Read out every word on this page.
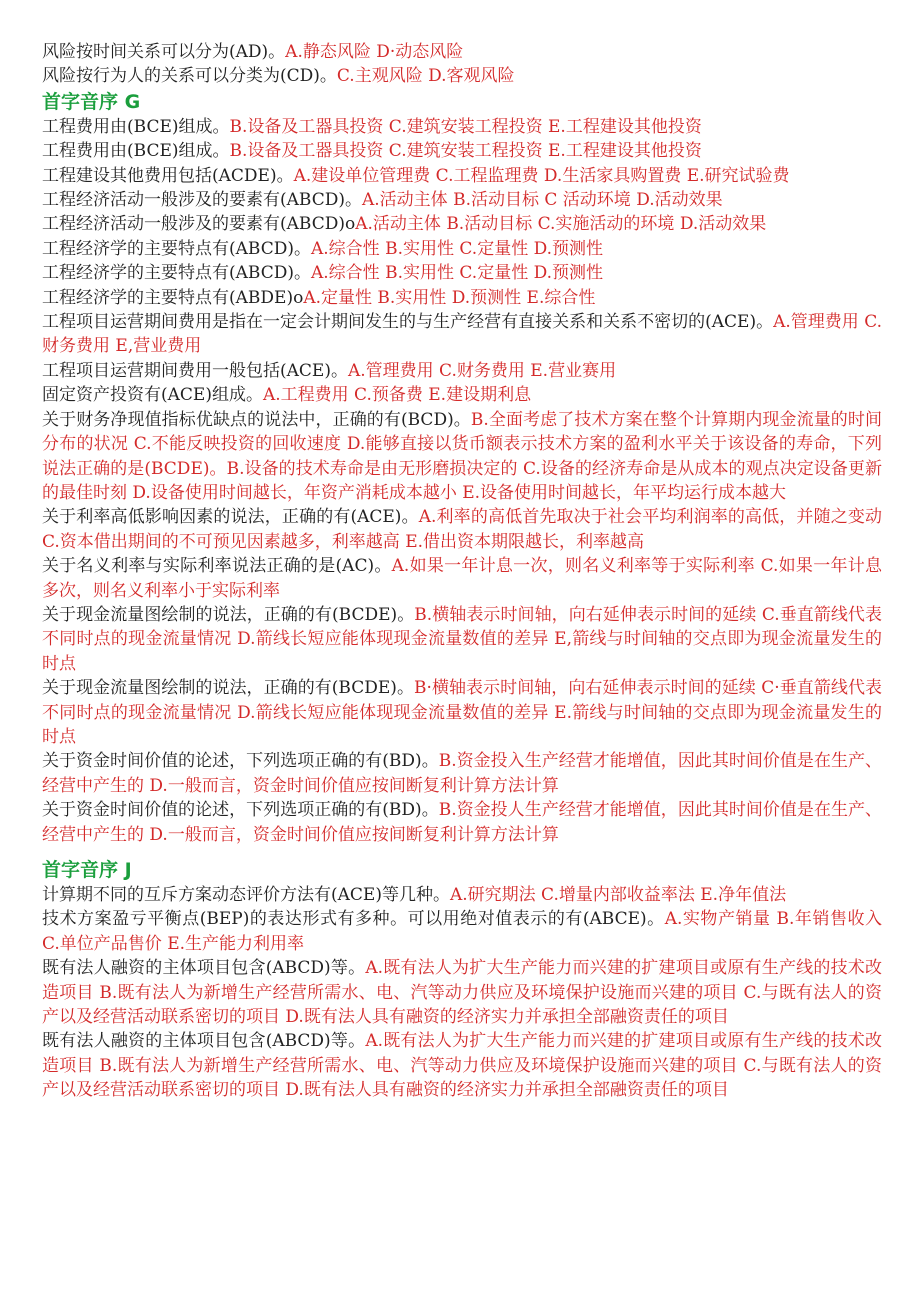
风险按时间关系可以分为(AD)。A.静态风险 D·动态风险

风险按行为人的关系可以分类为(CD)。C.主观风险 D.客观风险

首字音序 G

工程费用由(BCE)组成。B.设备及工器具投资 C.建筑安装工程投资 E.工程建设其他投资

工程费用由(BCE)组成。B.设备及工器具投资 C.建筑安装工程投资 E.工程建设其他投资

工程建设其他费用包括(ACDE)。A.建设单位管理费 C.工程监理费 D.生活家具购置费 E.研究试验费

工程经济活动一般涉及的要素有(ABCD)。A.活动主体 B.活动目标 C 活动环境 D.活动效果

工程经济活动一般涉及的要素有(ABCD)oA.活动主体 B.活动目标 C.实施活动的环境 D.活动效果

工程经济学的主要特点有(ABCD)。A.综合性 B.实用性 C.定量性 D.预测性

工程经济学的主要特点有(ABCD)。A.综合性 B.实用性 C.定量性 D.预测性

工程经济学的主要特点有(ABDE)oA.定量性 B.实用性 D.预测性 E.综合性

工程项目运营期间费用是指在一定会计期间发生的与生产经营有直接关系和关系不密切的(ACE)。A.管理费用 C.财务费用 E,营业费用

工程项目运营期间费用一般包括(ACE)。A.管理费用 C.财务费用 E.营业赛用

固定资产投资有(ACE)组成。A.工程费用 C.预备费 E.建设期利息

关于财务净现值指标优缺点的说法中，正确的有(BCD)。B.全面考虑了技术方案在整个计算期内现金流量的时间分布的状况 C.不能反映投资的回收速度 D.能够直接以货币额表示技术方案的盈利水平关于该设备的寿命，下列说法正确的是(BCDE)。B.设备的技术寿命是由无形磨损决定的 C.设备的经济寿命是从成本的观点决定设备更新的最佳时刻 D.设备使用时间越长，年资产消耗成本越小 E.设备使用时间越长，年平均运行成本越大

关于利率高低影响因素的说法，正确的有(ACE)。A.利率的高低首先取决于社会平均利润率的高低，并随之变动 C.资本借出期间的不可预见因素越多，利率越高 E.借出资本期限越长，利率越高

关于名义利率与实际利率说法正确的是(AC)。A.如果一年计息一次，则名义利率等于实际利率 C.如果一年计息多次，则名义利率小于实际利率

关于现金流量图绘制的说法，正确的有(BCDE)。B.横轴表示时间轴，向右延伸表示时间的延续 C.垂直箭线代表不同时点的现金流量情况 D.箭线长短应能体现现金流量数值的差异 E,箭线与时间轴的交点即为现金流量发生的时点

关于现金流量图绘制的说法，正确的有(BCDE)。B·横轴表示时间轴，向右延伸表示时间的延续 C·垂直箭线代表不同时点的现金流量情况 D.箭线长短应能体现现金流量数值的差异 E.箭线与时间轴的交点即为现金流量发生的时点

关于资金时间价值的论述，下列选项正确的有(BD)。B.资金投入生产经营才能增值，因此其时间价值是在生产、经营中产生的 D.一般而言，资金时间价值应按间断复利计算方法计算

关于资金时间价值的论述，下列选项正确的有(BD)。B.资金投人生产经营才能增值，因此其时间价值是在生产、经营中产生的 D.一般而言，资金时间价值应按间断复利计算方法计算

首字音序 J

计算期不同的互斥方案动态评价方法有(ACE)等几种。A.研究期法 C.增量内部收益率法 E.净年值法

技术方案盈亏平衡点(BEP)的表达形式有多种。可以用绝对值表示的有(ABCE)。A.实物产销量 B.年销售收入 C.单位产品售价 E.生产能力利用率

既有法人融资的主体项目包含(ABCD)等。A.既有法人为扩大生产能力而兴建的扩建项目或原有生产线的技术改造项目 B.既有法人为新增生产经营所需水、电、汽等动力供应及环境保护设施而兴建的项目 C.与既有法人的资产以及经营活动联系密切的项目 D.既有法人具有融资的经济实力并承担全部融资责任的项目

既有法人融资的主体项目包含(ABCD)等。A.既有法人为扩大生产能力而兴建的扩建项目或原有生产线的技术改造项目 B.既有法人为新增生产经营所需水、电、汽等动力供应及环境保护设施而兴建的项目 C.与既有法人的资产以及经营活动联系密切的项目 D.既有法人具有融资的经济实力并承担全部融资责任的项目
